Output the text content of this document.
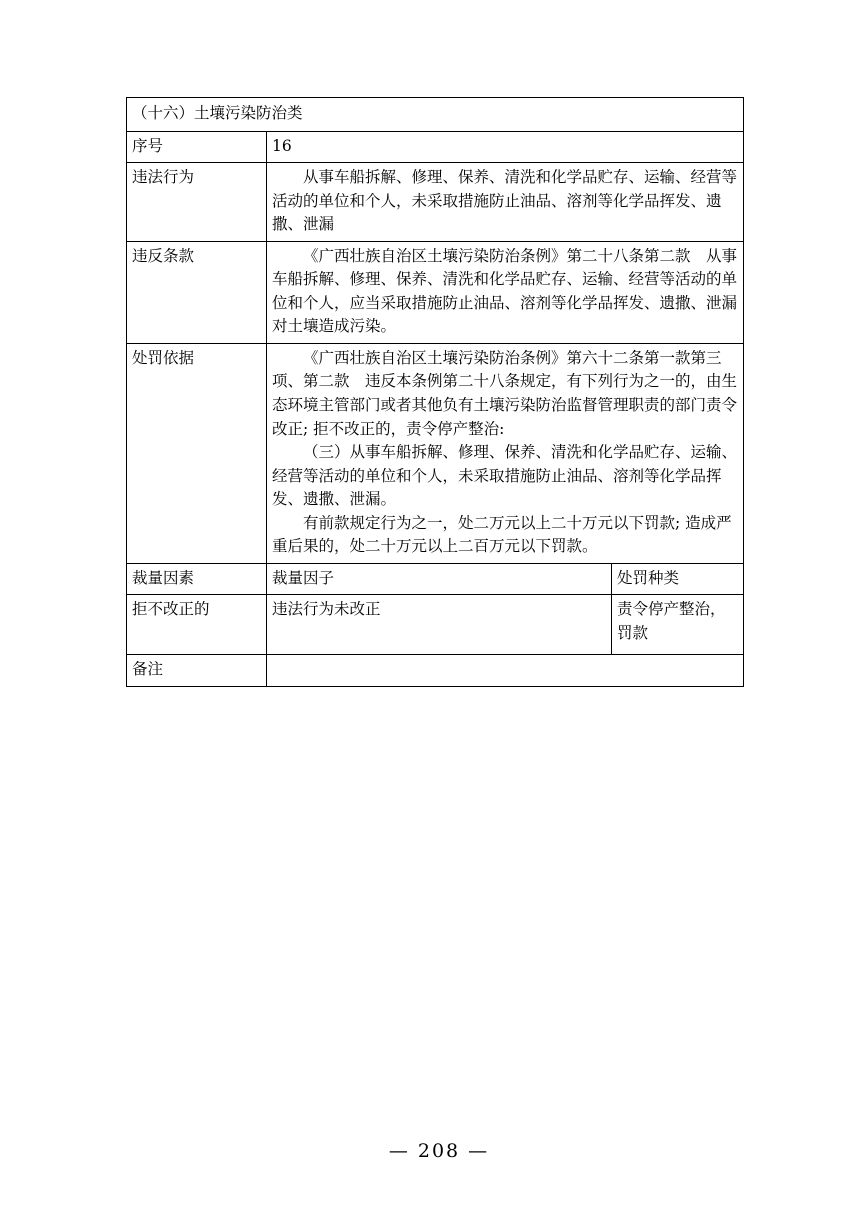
（十六）土壤污染防治类		

序号	16	
违法行为	从事车船拆解、修理、保养、清洗和化学品贮存、运输、经营等活动的单位和个人，未采取措施防止油品、溶剂等化学品挥发、遗撒、泄漏	

违反条款	《广西壮族自治区土壤污染防治条例》第二十八条第二款　从事车船拆解、修理、保养、清洗和化学品贮存、运输、经营等活动的单位和个人，应当采取措施防止油品、溶剂等化学品挥发、遗撒、泄漏对土壤造成污染。	

处罚依据	《广西壮族自治区土壤污染防治条例》第六十二条第一款第三项、第二款　违反本条例第二十八条规定，有下列行为之一的，由生态环境主管部门或者其他负有土壤污染防治监督管理职责的部门责令改正; 拒不改正的，责令停产整治:

（三）从事车船拆解、修理、保养、清洗和化学品贮存、运输、经营等活动的单位和个人，未采取措施防止油品、溶剂等化学品挥发、遗撒、泄漏。

有前款规定行为之一，处二万元以上二十万元以下罚款; 造成严重后果的，处二十万元以上二百万元以下罚款。	

裁量因素	裁量因子	处罚种类
拒不改正的	违法行为未改正	责令停产整治，罚款
备注		
— 208 —
